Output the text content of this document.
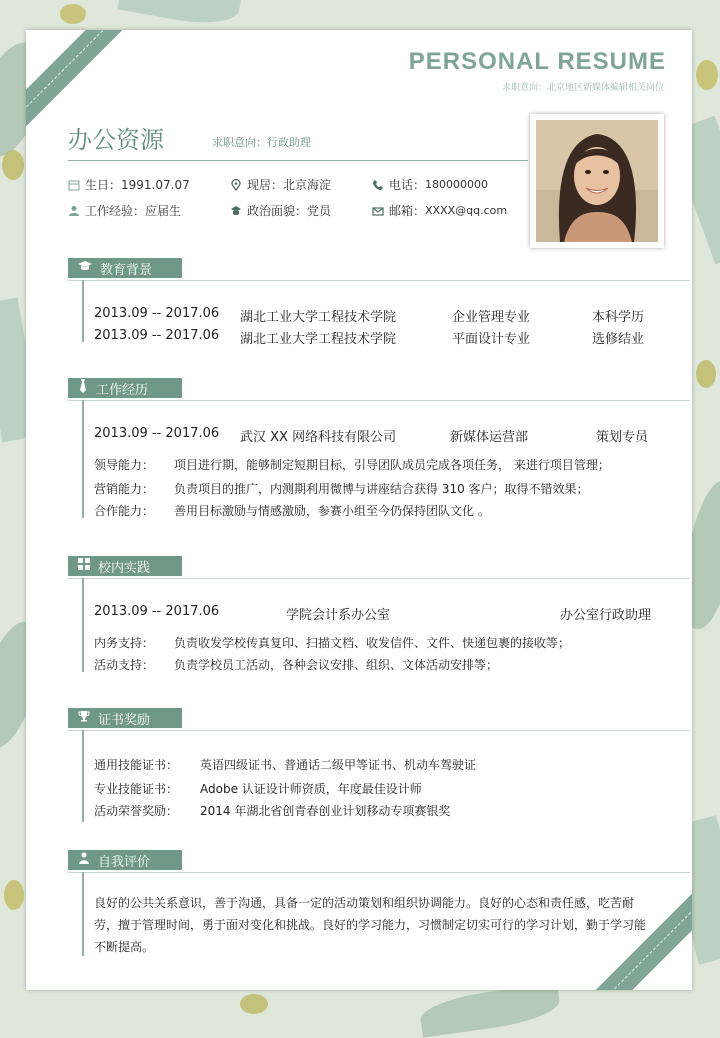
PERSONAL RESUME
求职意向：北京地区新媒体编辑相关岗位
办公资源	求职意向：行政助理
生日：1991.07.07	现居：北京海淀	电话： 180000000
工作经验：应届生	政治面貌：党员	邮箱： XXXX@qq.com
教育背景
2013.09 -- 2017.06 湖北工业大学工程技术学院	企业管理专业	本科学历
2013.09 -- 2017.06 湖北工业大学工程技术学院	平面设计专业	选修结业
工作经历
2013.09 -- 2017.06 武汉 XX 网络科技有限公司	新媒体运营部	策划专员
领导能力： 项目进行期，能够制定短期目标，引导团队成员完成各项任务， 来进行项目管理；
营销能力： 负责项目的推广，内测期利用微博与讲座结合获得 310 客户；取得不错效果；
合作能力： 善用目标激励与情感激励，参赛小组至今仍保持团队文化 。
校内实践
2013.09 -- 2017.06	学院会计系办公室	办公室行政助理
内务支持： 负责收发学校传真复印、扫描文档、收发信件、文件、快递包裹的接收等；
活动支持： 负责学校员工活动，各种会议安排、组织、文体活动安排等；
证书奖励
通用技能证书： 英语四级证书、普通话二级甲等证书、机动车驾驶证
专业技能证书： Adobe 认证设计师资质，年度最佳设计师
活动荣誉奖励： 2014 年湖北省创青春创业计划移动专项赛银奖
自我评价
良好的公共关系意识，善于沟通，具备一定的活动策划和组织协调能力。良好的心态和责任感，吃苦耐劳，擅于管理时间，勇于面对变化和挑战。良好的学习能力，习惯制定切实可行的学习计划，勤于学习能不断提高。
